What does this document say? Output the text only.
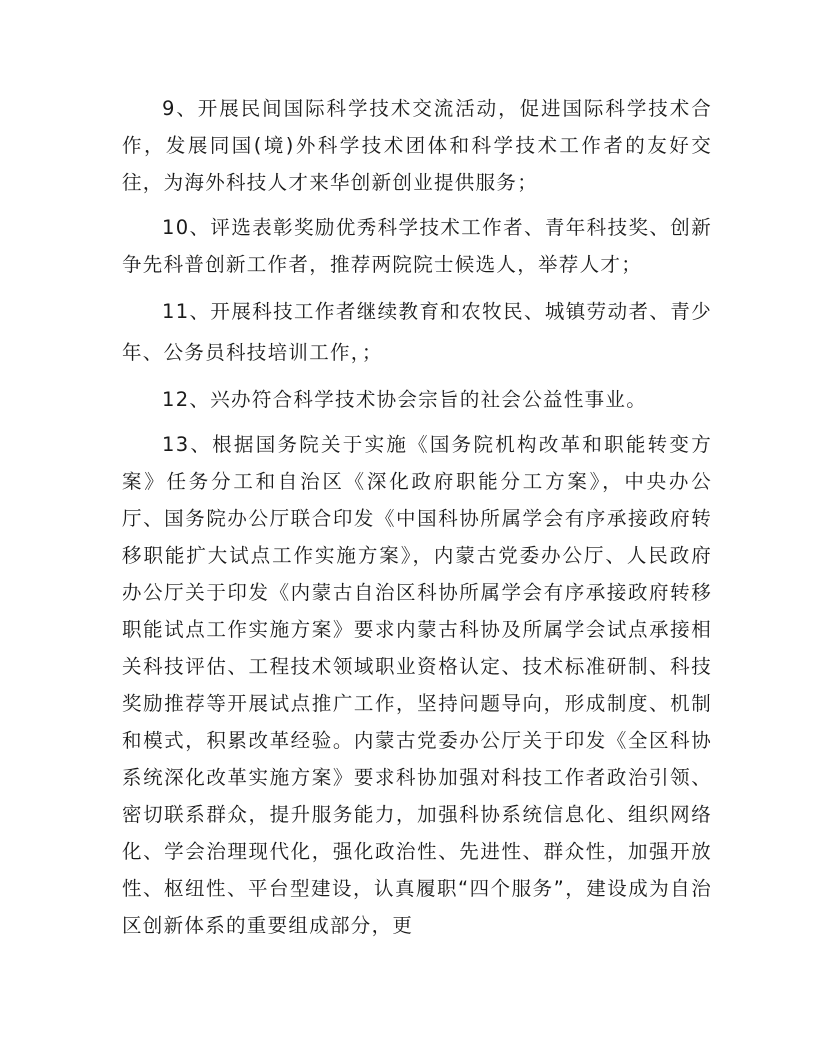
9、开展民间国际科学技术交流活动，促进国际科学技术合作，发展同国(境)外科学技术团体和科学技术工作者的友好交往，为海外科技人才来华创新创业提供服务；

10、评选表彰奖励优秀科学技术工作者、青年科技奖、创新争先科普创新工作者，推荐两院院士候选人，举荐人才；

11、开展科技工作者继续教育和农牧民、城镇劳动者、青少年、公务员科技培训工作，；

12、兴办符合科学技术协会宗旨的社会公益性事业。

13、根据国务院关于实施《国务院机构改革和职能转变方案》任务分工和自治区《深化政府职能分工方案》，中央办公厅、国务院办公厅联合印发《中国科协所属学会有序承接政府转移职能扩大试点工作实施方案》，内蒙古党委办公厅、人民政府办公厅关于印发《内蒙古自治区科协所属学会有序承接政府转移职能试点工作实施方案》要求内蒙古科协及所属学会试点承接相关科技评估、工程技术领域职业资格认定、技术标准研制、科技奖励推荐等开展试点推广工作，坚持问题导向，形成制度、机制和模式，积累改革经验。内蒙古党委办公厅关于印发《全区科协系统深化改革实施方案》要求科协加强对科技工作者政治引领、密切联系群众，提升服务能力，加强科协系统信息化、组织网络化、学会治理现代化，强化政治性、先进性、群众性，加强开放性、枢纽性、平台型建设，认真履职“四个服务”，建设成为自治区创新体系的重要组成部分，更
